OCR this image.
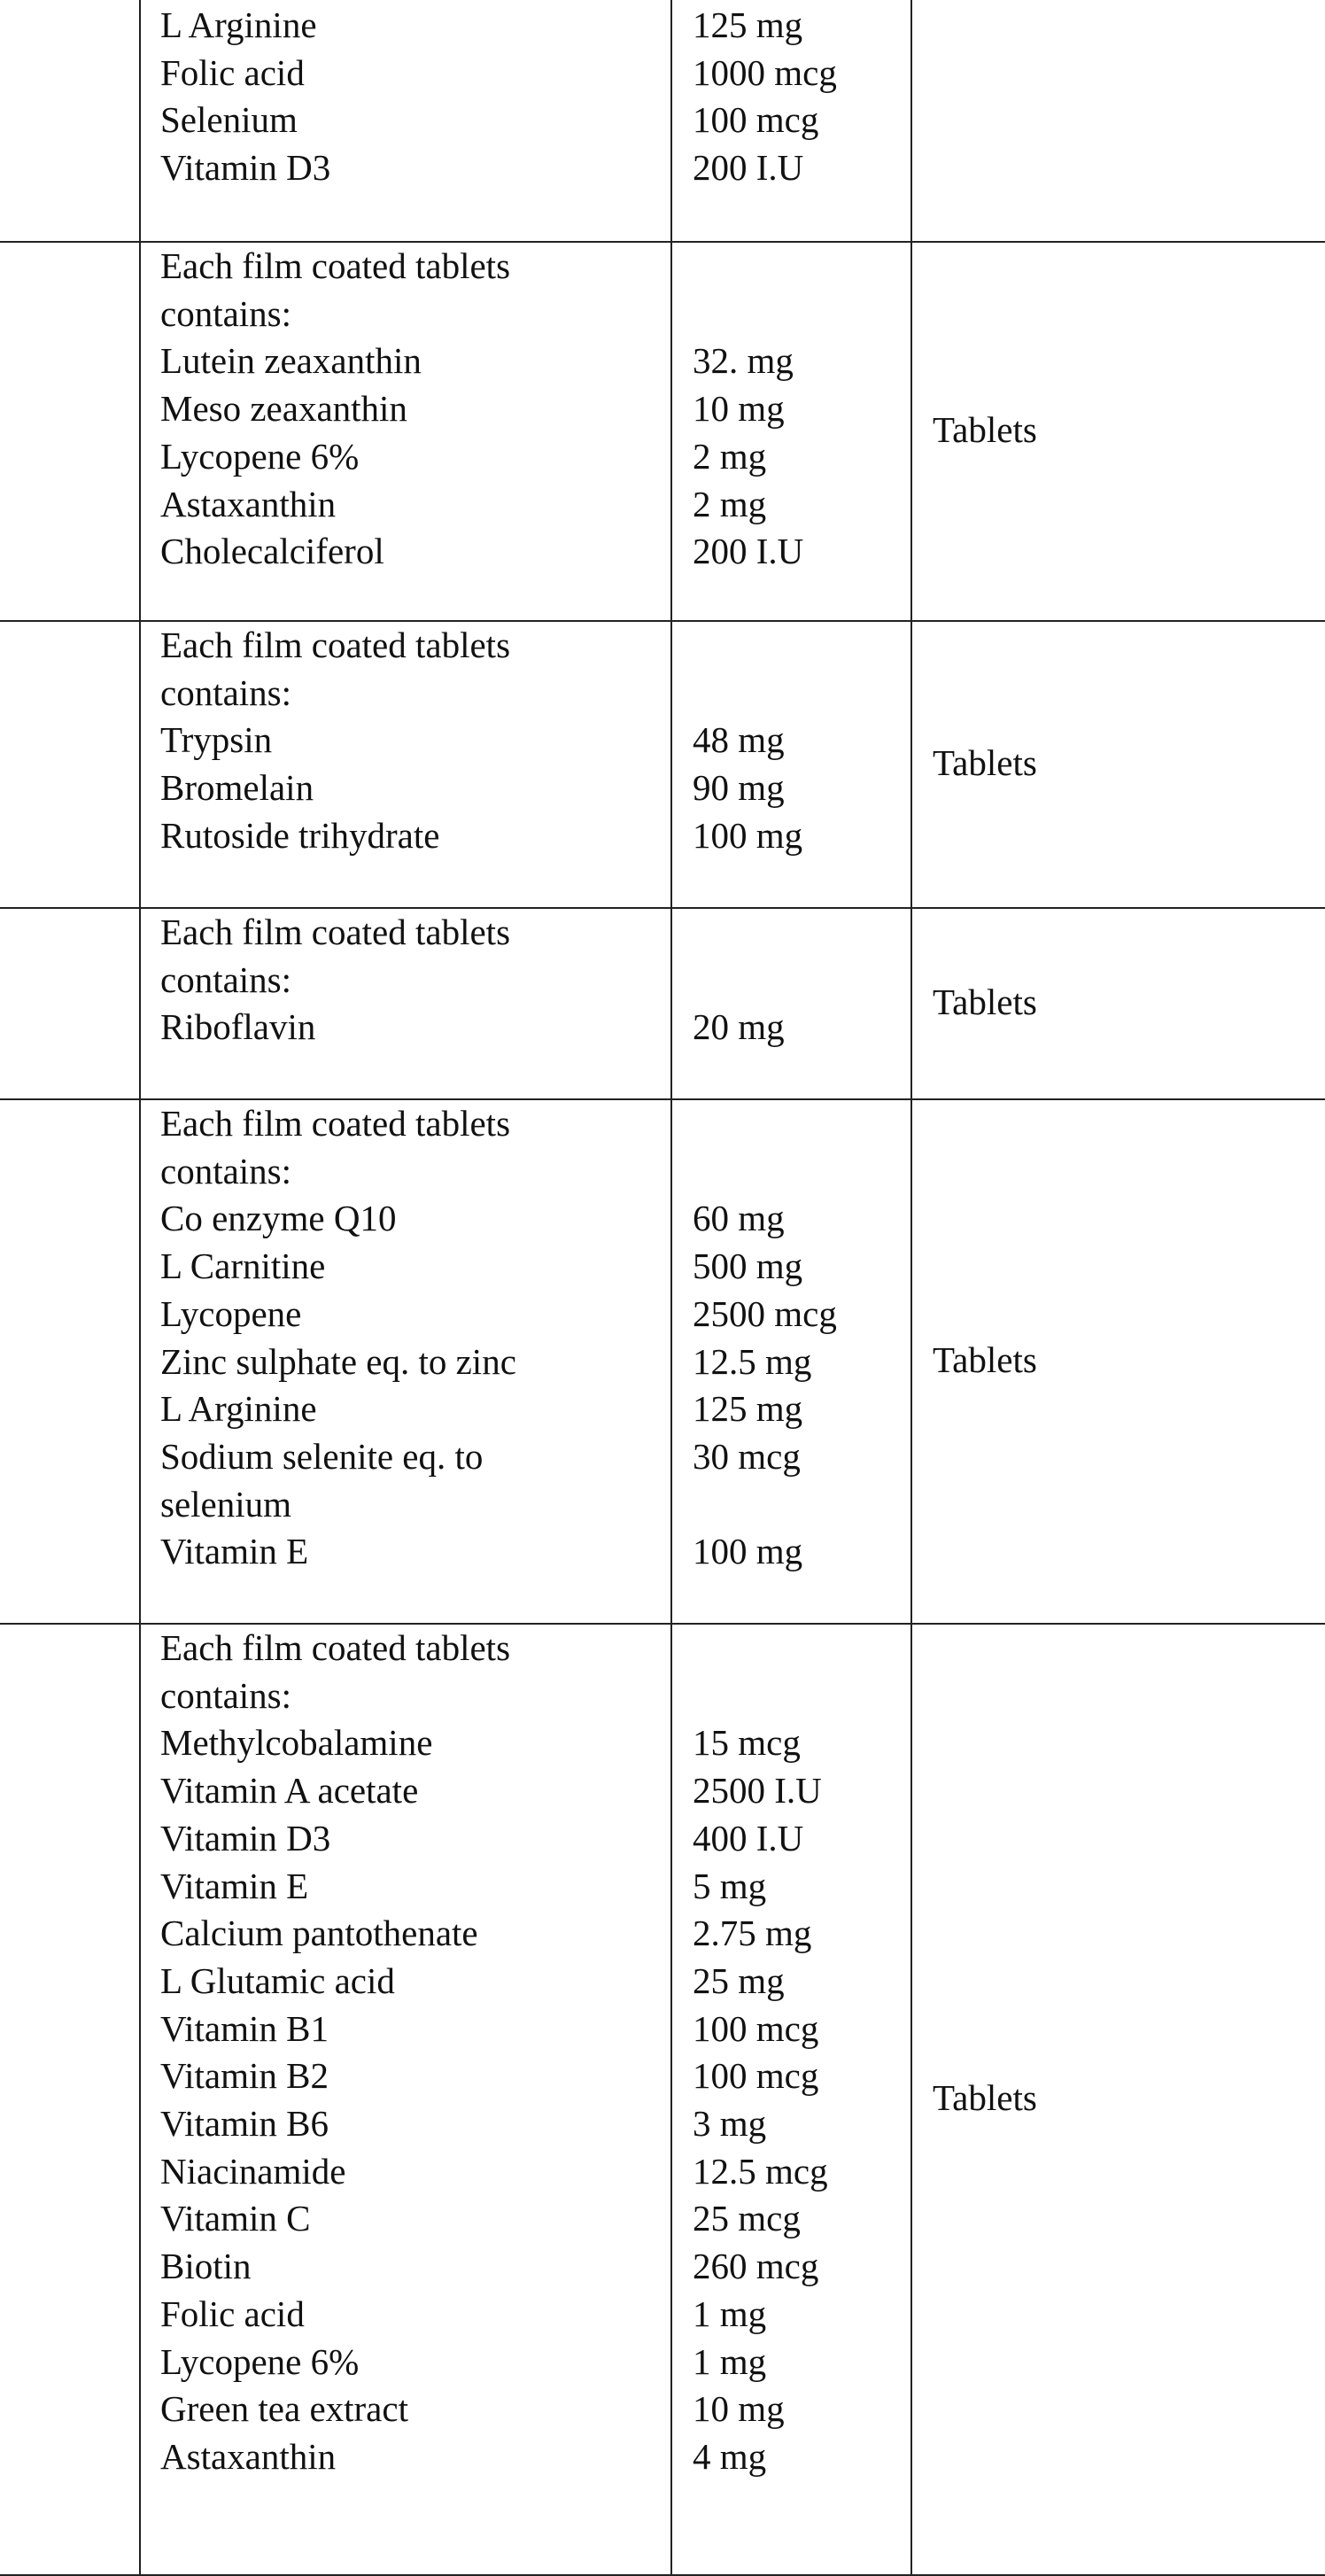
L Arginine
Folic acid
Selenium
Vitamin D3
125 mg
1000 mcg
100 mcg
200 I.U
Each film coated tablets
contains:
Lutein zeaxanthin
Meso zeaxanthin
Lycopene 6%
Astaxanthin
Cholecalciferol
32. mg
10 mg
2 mg
2 mg
200 I.U
Tablets
Each film coated tablets
contains:
Trypsin
Bromelain
Rutoside trihydrate
48 mg
90 mg
100 mg
Tablets
Each film coated tablets
contains:
Riboflavin	20 mg
Tablets
Each film coated tablets
contains:
Co enzyme Q10
L Carnitine
Lycopene
Zinc sulphate eq. to zinc
L Arginine
Sodium selenite eq. to
selenium
Vitamin E
60 mg
500 mg
2500 mcg
12.5 mg
125 mg
30 mcg
100 mg
Tablets
Each film coated tablets
contains:
Methylcobalamine
Vitamin A acetate
Vitamin D3
Vitamin E
Calcium pantothenate
L Glutamic acid
Vitamin B1
Vitamin B2
Vitamin B6
Niacinamide
Vitamin C
Biotin
Folic acid
Lycopene 6%
Green tea extract
Astaxanthin
15 mcg
2500 I.U
400 I.U
5 mg
2.75 mg
25 mg
100 mcg
100 mcg
3 mg
12.5 mcg
25 mcg
260 mcg
1 mg
1 mg
10 mg
4 mg
Tablets
